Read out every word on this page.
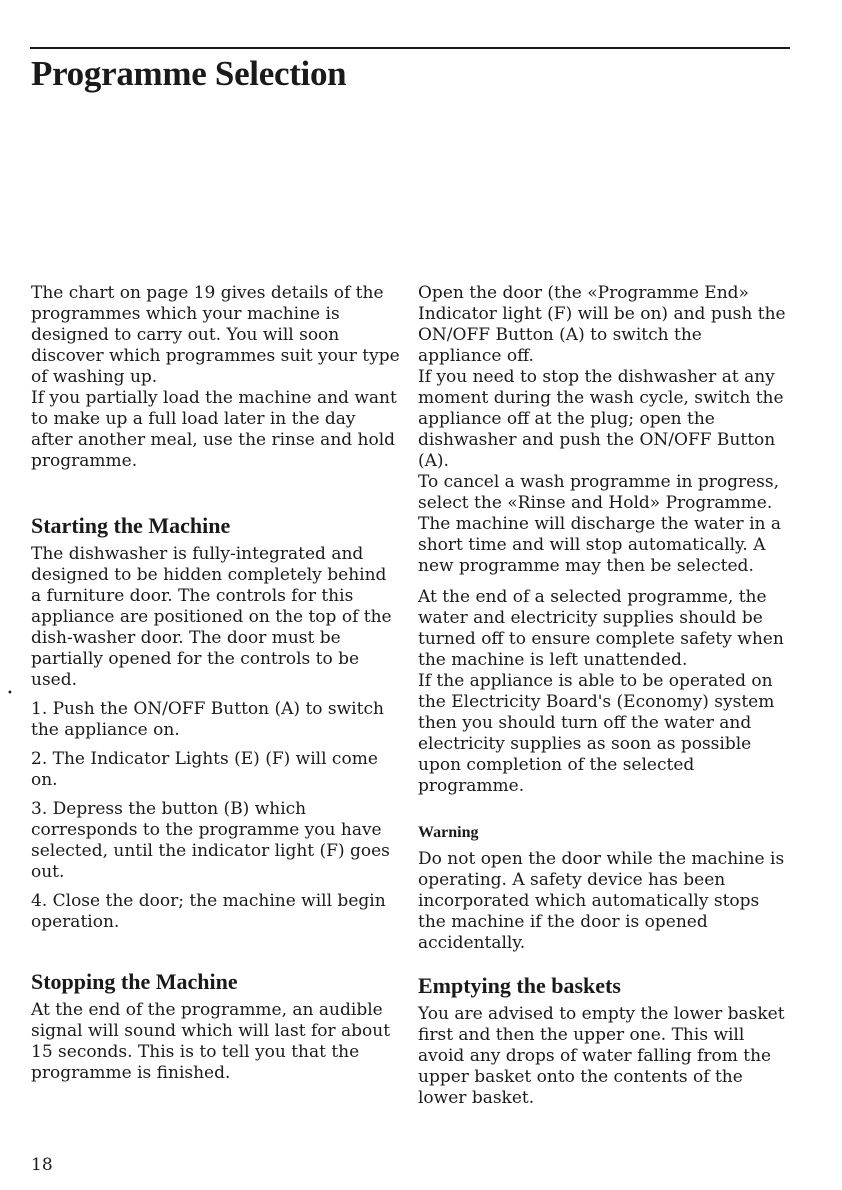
Programme Selection

The chart on page 19 gives details of the programmes which your machine is designed to carry out. You will soon discover which programmes suit your type of washing up.

If you partially load the machine and want to make up a full load later in the day after another meal, use the rinse and hold programme.

Starting the Machine

The dishwasher is fully-integrated and designed to be hidden completely behind a furniture door. The controls for this appliance are positioned on the top of the dish-washer door. The door must be partially opened for the controls to be used.

1. Push the ON/OFF Button (A) to switch the appliance on.

2. The Indicator Lights (E) (F) will come on.

3. Depress the button (B) which corresponds to the programme you have selected, until the indicator light (F) goes out.

4. Close the door; the machine will begin operation.

Stopping the Machine

At the end of the programme, an audible signal will sound which will last for about 15 seconds. This is to tell you that the programme is finished.

Open the door (the «Programme End» Indicator light (F) will be on) and push the ON/OFF Button (A) to switch the appliance off.

If you need to stop the dishwasher at any moment during the wash cycle, switch the appliance off at the plug; open the dishwasher and push the ON/OFF Button (A).

To cancel a wash programme in progress, select the «Rinse and Hold» Programme.

The machine will discharge the water in a short time and will stop automatically. A new programme may then be selected.

At the end of a selected programme, the water and electricity supplies should be turned off to ensure complete safety when the machine is left unattended.

If the appliance is able to be operated on the Electricity Board's (Economy) system then you should turn off the water and electricity supplies as soon as possible upon completion of the selected programme.

Warning

Do not open the door while the machine is operating. A safety device has been incorporated which automatically stops the machine if the door is opened accidentally.

Emptying the baskets

You are advised to empty the lower basket first and then the upper one. This will avoid any drops of water falling from the upper basket onto the contents of the lower basket.

•
18
